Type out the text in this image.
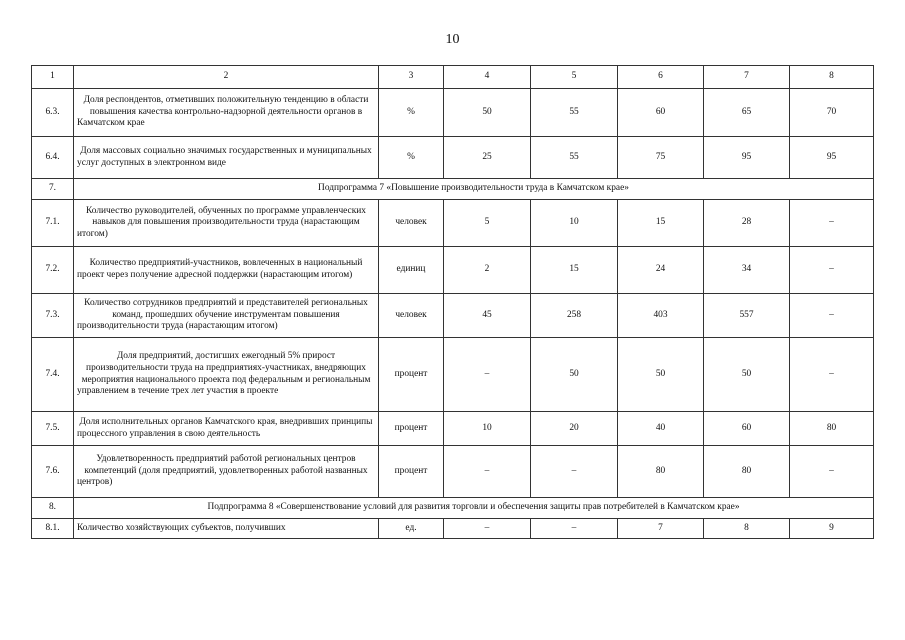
10
1	2	3	4	5	6	7	8
6.3.	Доля респондентов, отметивших положительную тенденцию в области повышения качества контрольно-надзорной деятельности органов в Камчатском крае	%	50	55	60	65	70
6.4.	Доля массовых социально значимых государственных и муниципальных услуг доступных в электронном виде	%	25	55	75	95	95
7.	Подпрограмма 7 «Повышение производительности труда в Камчатском крае»						
7.1.	Количество руководителей, обученных по программе управленческих навыков для повышения производительности труда (нарастающим итогом)	человек	5	10	15	28	–
7.2.	Количество предприятий-участников, вовлеченных в национальный проект через получение адресной поддержки (нарастающим итогом)	единиц	2	15	24	34	–
7.3.	Количество сотрудников предприятий и представителей региональных команд, прошедших обучение инструментам повышения производительности труда (нарастающим итогом)	человек	45	258	403	557	–
7.4.	Доля предприятий, достигших ежегодный 5% прирост производительности труда на предприятиях-участниках, внедряющих мероприятия национального проекта под федеральным и региональным управлением в течение трех лет участия в проекте	процент	–	50	50	50	–
7.5.	Доля исполнительных органов Камчатского края, внедривших принципы процессного управления в свою деятельность	процент	10	20	40	60	80
7.6.	Удовлетворенность предприятий работой региональных центров компетенций (доля предприятий, удовлетворенных работой названных центров)	процент	–	–	80	80	–
8.	Подпрограмма 8 «Совершенствование условий для развития торговли и обеспечения защиты прав потребителей в Камчатском крае»						
8.1.	Количество хозяйствующих субъектов, получивших	ед.	–	–	7	8	9
